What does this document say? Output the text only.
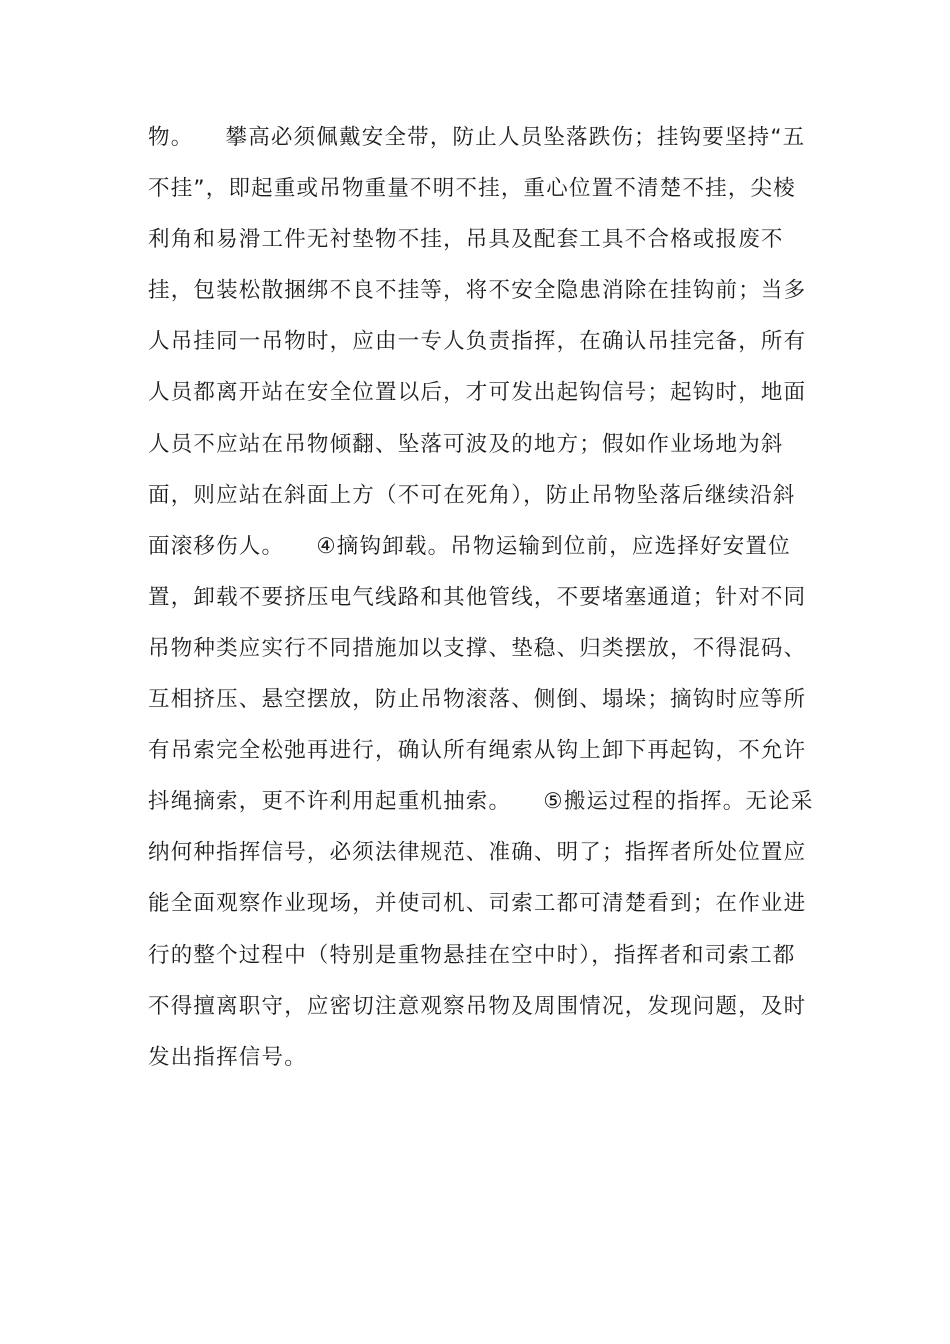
物。    攀高必须佩戴安全带，防止人员坠落跌伤；挂钩要坚持“五
不挂”，即起重或吊物重量不明不挂，重心位置不清楚不挂，尖棱
利角和易滑工件无衬垫物不挂，吊具及配套工具不合格或报废不
挂，包装松散捆绑不良不挂等，将不安全隐患消除在挂钩前；当多
人吊挂同一吊物时，应由一专人负责指挥，在确认吊挂完备，所有
人员都离开站在安全位置以后，才可发出起钩信号；起钩时，地面
人员不应站在吊物倾翻、坠落可波及的地方；假如作业场地为斜
面，则应站在斜面上方（不可在死角），防止吊物坠落后继续沿斜
面滚移伤人。    ④摘钩卸载。吊物运输到位前，应选择好安置位
置，卸载不要挤压电气线路和其他管线，不要堵塞通道；针对不同
吊物种类应实行不同措施加以支撑、垫稳、归类摆放，不得混码、
互相挤压、悬空摆放，防止吊物滚落、侧倒、塌垛；摘钩时应等所
有吊索完全松弛再进行，确认所有绳索从钩上卸下再起钩，不允许
抖绳摘索，更不许利用起重机抽索。    ⑤搬运过程的指挥。无论采
纳何种指挥信号，必须法律规范、准确、明了；指挥者所处位置应
能全面观察作业现场，并使司机、司索工都可清楚看到；在作业进
行的整个过程中（特别是重物悬挂在空中时），指挥者和司索工都
不得擅离职守，应密切注意观察吊物及周围情况，发现问题，及时
发出指挥信号。
